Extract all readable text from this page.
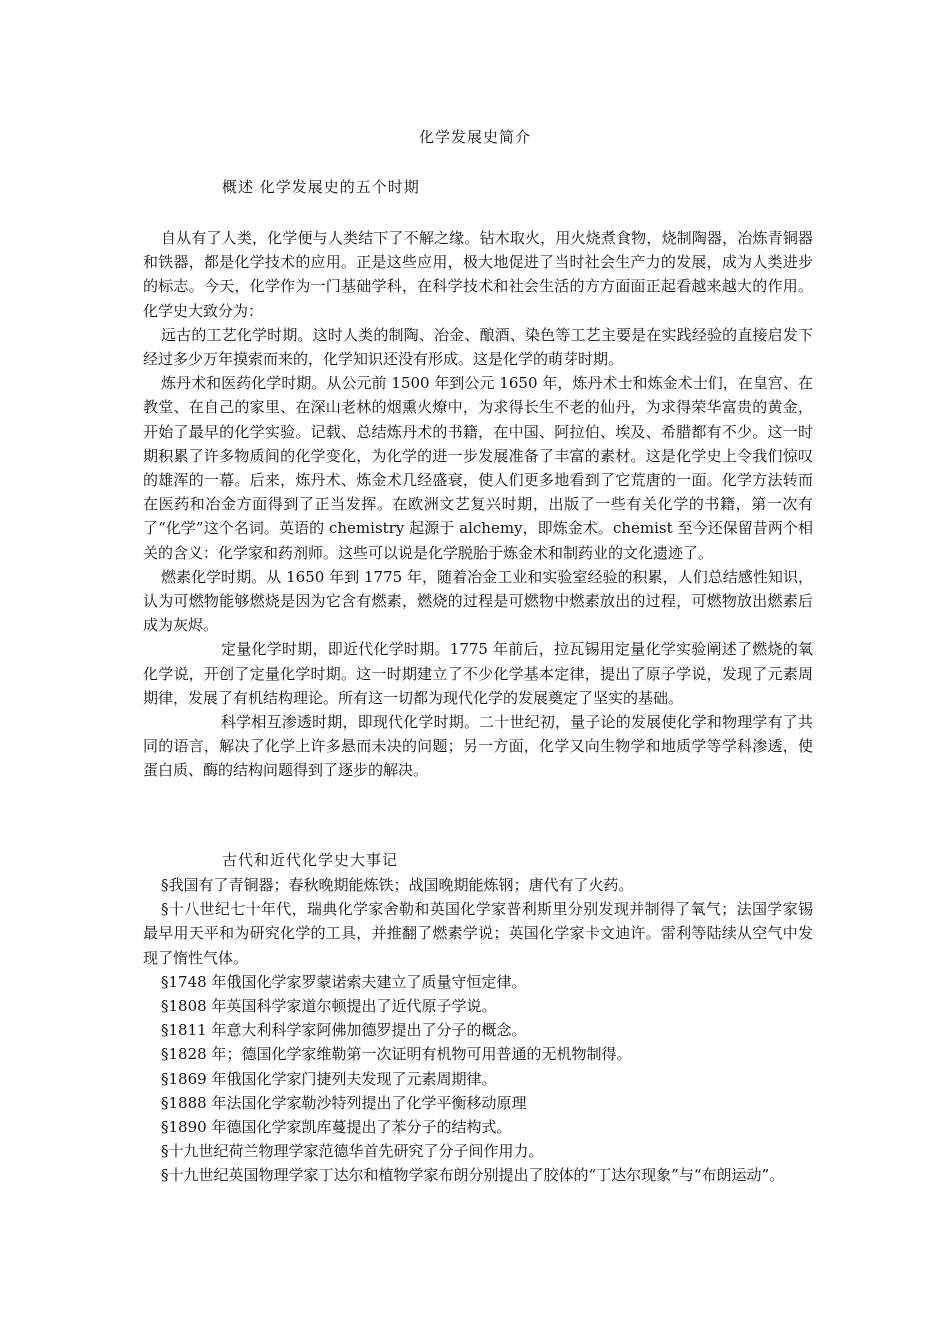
化学发展史简介
概述 化学发展史的五个时期

自从有了人类，化学便与人类结下了不解之缘。钻木取火，用火烧煮食物，烧制陶器，冶炼青铜器和铁器，都是化学技术的应用。正是这些应用，极大地促进了当时社会生产力的发展，成为人类进步的标志。今天，化学作为一门基础学科，在科学技术和社会生活的方方面面正起看越来越大的作用。化学史大致分为：

远古的工艺化学时期。这时人类的制陶、冶金、酿酒、染色等工艺主要是在实践经验的直接启发下经过多少万年摸索而来的，化学知识还没有形成。这是化学的萌芽时期。

炼丹术和医药化学时期。从公元前 1500 年到公元 1650 年，炼丹术士和炼金术士们，在皇宫、在教堂、在自己的家里、在深山老林的烟熏火燎中，为求得长生不老的仙丹，为求得荣华富贵的黄金，开始了最早的化学实验。记载、总结炼丹术的书籍，在中国、阿拉伯、埃及、希腊都有不少。这一时期积累了许多物质间的化学变化，为化学的进一步发展准备了丰富的素材。这是化学史上令我们惊叹的雄浑的一幕。后来，炼丹术、炼金术几经盛衰，使人们更多地看到了它荒唐的一面。化学方法转而在医药和冶金方面得到了正当发挥。在欧洲文艺复兴时期，出版了一些有关化学的书籍，第一次有了“化学”这个名词。英语的 chemistry 起源于 alchemy，即炼金术。chemist 至今还保留昔两个相关的含义：化学家和药剂师。这些可以说是化学脱胎于炼金术和制药业的文化遗迹了。

燃素化学时期。从 1650 年到 1775 年，随着冶金工业和实验室经验的积累，人们总结感性知识，认为可燃物能够燃烧是因为它含有燃素，燃烧的过程是可燃物中燃素放出的过程，可燃物放出燃素后成为灰烬。

定量化学时期，即近代化学时期。1775 年前后，拉瓦锡用定量化学实验阐述了燃烧的氧化学说，开创了定量化学时期。这一时期建立了不少化学基本定律，提出了原子学说，发现了元素周期律，发展了有机结构理论。所有这一切都为现代化学的发展奠定了坚实的基础。

科学相互渗透时期，即现代化学时期。二十世纪初，量子论的发展使化学和物理学有了共同的语言，解决了化学上许多悬而未决的问题；另一方面，化学又向生物学和地质学等学科渗透，使蛋白质、酶的结构问题得到了逐步的解决。

古代和近代化学史大事记

§我国有了青铜器；春秋晚期能炼铁；战国晚期能炼钢；唐代有了火药。

§十八世纪七十年代，瑞典化学家舍勒和英国化学家普利斯里分别发现并制得了氧气；法国学家锡最早用天平和为研究化学的工具，并推翻了燃素学说；英国化学家卡文迪许。雷利等陆续从空气中发现了惰性气体。

§1748 年俄国化学家罗蒙诺索夫建立了质量守恒定律。

§1808 年英国科学家道尔顿提出了近代原子学说。

§1811 年意大利科学家阿佛加德罗提出了分子的概念。

§1828 年；德国化学家维勒第一次证明有机物可用普通的无机物制得。

§1869 年俄国化学家门捷列夫发现了元素周期律。

§1888 年法国化学家勒沙特列提出了化学平衡移动原理

§1890 年德国化学家凯库蔓提出了苯分子的结构式。

§十九世纪荷兰物理学家范德华首先研究了分子间作用力。

§十九世纪英国物理学家丁达尔和植物学家布朗分别提出了胶体的“丁达尔现象”与“布朗运动”。
